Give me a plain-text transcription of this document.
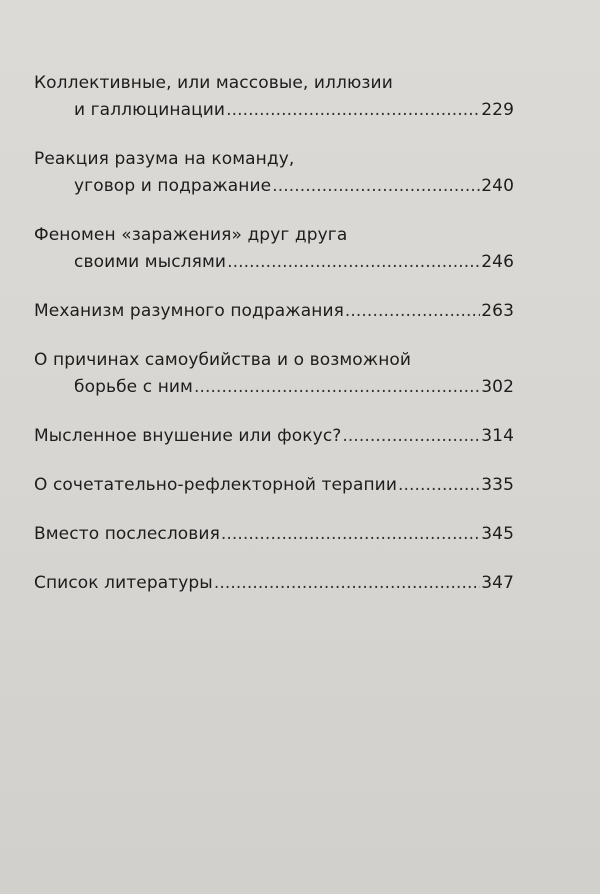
Коллективные, или массовые, иллюзии
и галлюцинации .....	229
Реакция разума на команду,
уговор и подражание .....	240
Феномен «заражения» друг друга
своими мыслями .....	246
Механизм разумного подражания .....	263
О причинах самоубийства и о возможной
борьбе с ним .....	302
Мысленное внушение или фокус? .....	314
О сочетательно-рефлекторной терапии .....	335
Вместо послесловия .....	345
Список литературы .....	347
